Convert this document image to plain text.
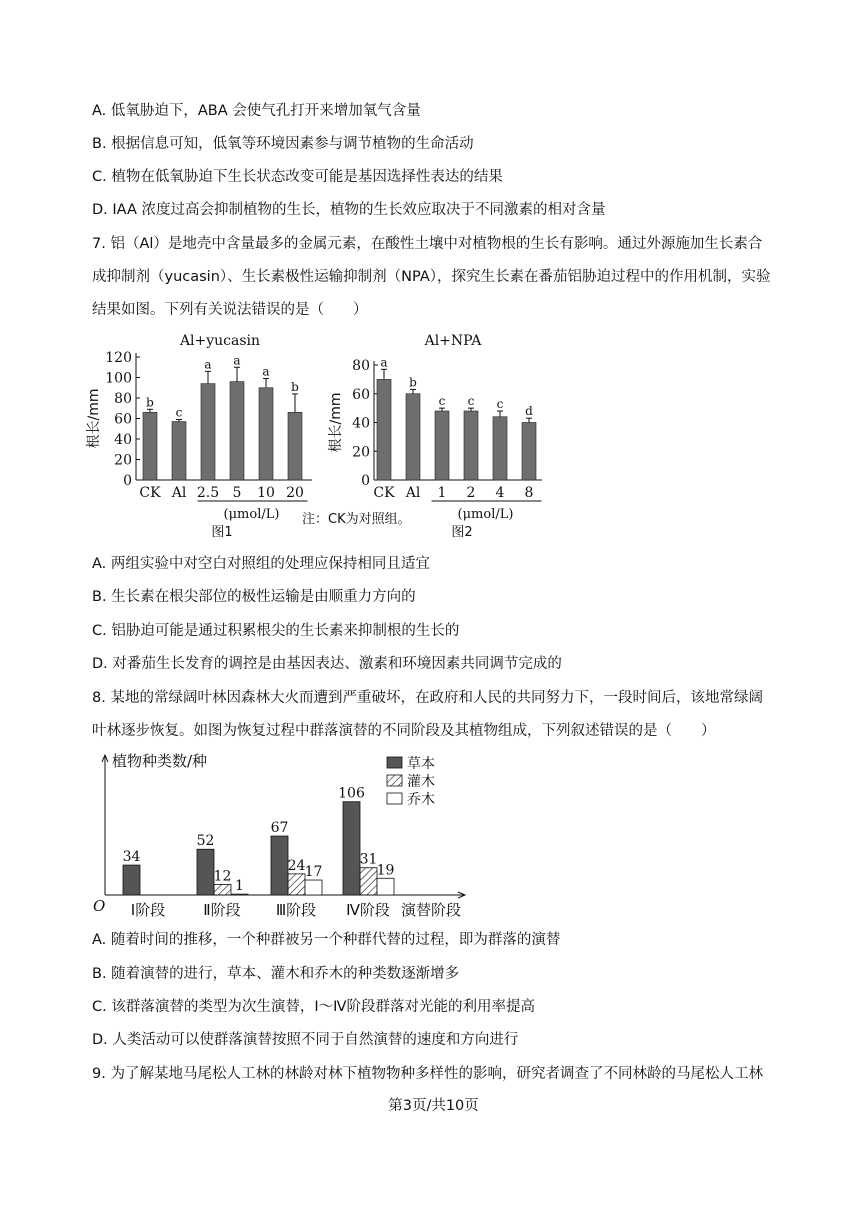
A. 低氧胁迫下，ABA 会使气孔打开来增加氧气含量
B. 根据信息可知，低氧等环境因素参与调节植物的生命活动
C. 植物在低氧胁迫下生长状态改变可能是基因选择性表达的结果
D. IAA 浓度过高会抑制植物的生长，植物的生长效应取决于不同激素的相对含量
7. 铝（Al）是地壳中含量最多的金属元素，在酸性土壤中对植物根的生长有影响。通过外源施加生长素合
成抑制剂（yucasin）、生长素极性运输抑制剂（NPA），探究生长素在番茄铝胁迫过程中的作用机制，实验
结果如图。下列有关说法错误的是（　　）
Al+yucasin
根长/mm
0
20
40
60
80
100
120
b
CK
c
Al
a
2.5
a
5
a
10
b
20
(μmol/L)
图1
Al+NPA
根长/mm
0
20
40
60
80 a
CK
b
Al
c
1
c
2
c
4
d
8
(μmol/L)
图2
注：CK为对照组。
A. 两组实验中对空白对照组的处理应保持相同且适宜
B. 生长素在根尖部位的极性运输是由顺重力方向的
C. 铝胁迫可能是通过积累根尖的生长素来抑制根的生长的
D. 对番茄生长发育的调控是由基因表达、激素和环境因素共同调节完成的
8. 某地的常绿阔叶林因森林大火而遭到严重破坏，在政府和人民的共同努力下，一段时间后，该地常绿阔
叶林逐步恢复。如图为恢复过程中群落演替的不同阶段及其植物组成，下列叙述错误的是（　　）
植物种类数/种
O	演替阶段
34
Ⅰ阶段
52
12
1
Ⅱ阶段
67
24 17
Ⅲ阶段
106
31
19
Ⅳ阶段
草本
灌木
乔木
A. 随着时间的推移，一个种群被另一个种群代替的过程，即为群落的演替
B. 随着演替的进行，草本、灌木和乔木的种类数逐渐增多
C. 该群落演替的类型为次生演替，Ⅰ～Ⅳ阶段群落对光能的利用率提高
D. 人类活动可以使群落演替按照不同于自然演替的速度和方向进行
9. 为了解某地马尾松人工林的林龄对林下植物物种多样性的影响，研究者调查了不同林龄的马尾松人工林
第3页/共10页
